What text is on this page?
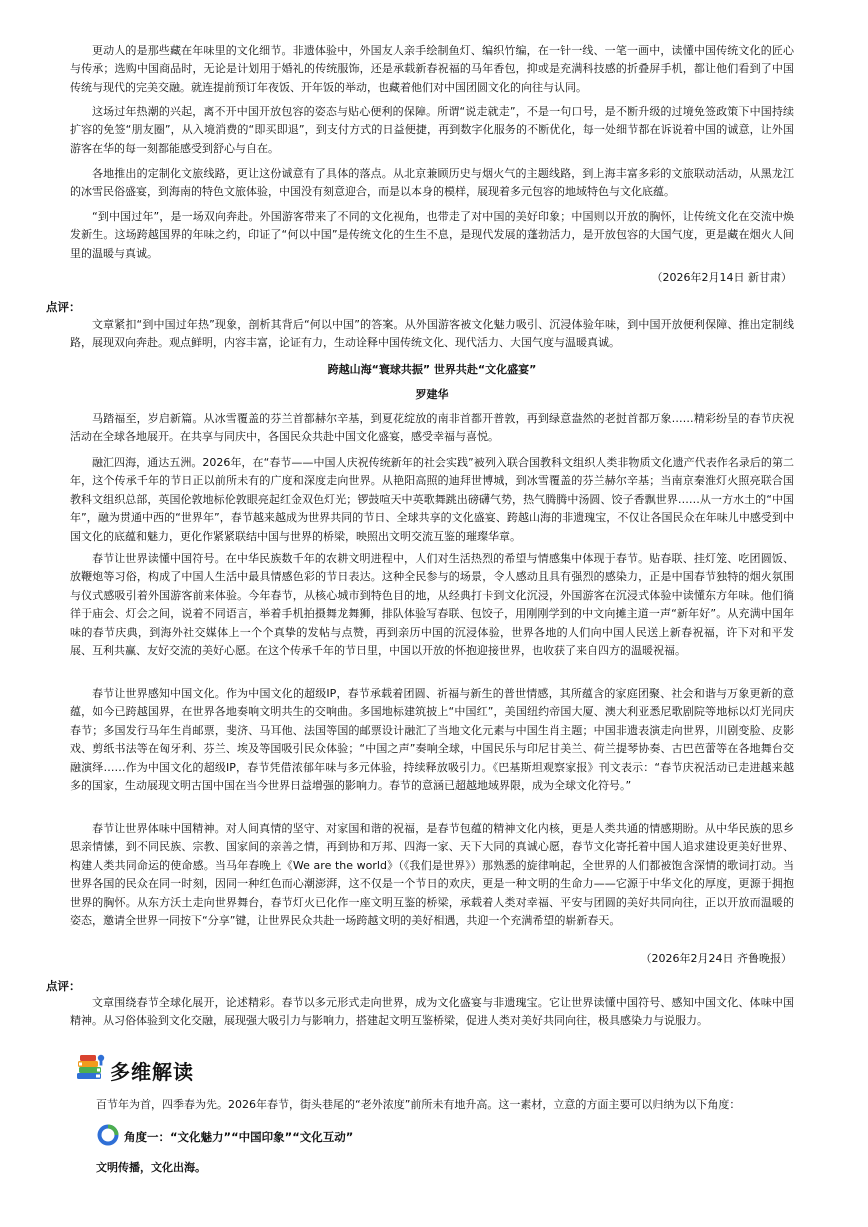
更动人的是那些藏在年味里的文化细节。非遗体验中，外国友人亲手绘制鱼灯、编织竹编，在一针一线、一笔一画中，读懂中国传统文化的匠心与传承；选购中国商品时，无论是计划用于婚礼的传统服饰，还是承载新春祝福的马年香包，抑或是充满科技感的折叠屏手机，都让他们看到了中国传统与现代的完美交融。就连提前预订年夜饭、开年饭的举动，也藏着他们对中国团圆文化的向往与认同。

这场过年热潮的兴起，离不开中国开放包容的姿态与贴心便利的保障。所谓“说走就走”，不是一句口号，是不断升级的过境免签政策下中国持续扩容的免签“朋友圈”，从入境消费的“即买即退”，到支付方式的日益便捷，再到数字化服务的不断优化，每一处细节都在诉说着中国的诚意，让外国游客在华的每一刻都能感受到舒心与自在。

各地推出的定制化文旅线路，更让这份诚意有了具体的落点。从北京兼顾历史与烟火气的主题线路，到上海丰富多彩的文旅联动活动，从黑龙江的冰雪民俗盛宴，到海南的特色文旅体验，中国没有刻意迎合，而是以本身的模样，展现着多元包容的地域特色与文化底蕴。

“到中国过年”，是一场双向奔赴。外国游客带来了不同的文化视角，也带走了对中国的美好印象；中国则以开放的胸怀，让传统文化在交流中焕发新生。这场跨越国界的年味之约，印证了“何以中国”是传统文化的生生不息，是现代发展的蓬勃活力，是开放包容的大国气度，更是藏在烟火人间里的温暖与真诚。

（2026年2月14日 新甘肃）

点评：

文章紧扣“到中国过年热”现象，剖析其背后“何以中国”的答案。从外国游客被文化魅力吸引、沉浸体验年味，到中国开放便利保障、推出定制线路，展现双向奔赴。观点鲜明，内容丰富，论证有力，生动诠释中国传统文化、现代活力、大国气度与温暖真诚。

跨越山海“寰球共振” 世界共赴“文化盛宴”

罗建华

马踏福至，岁启新篇。从冰雪覆盖的芬兰首都赫尔辛基，到夏花绽放的南非首都开普敦，再到绿意盎然的老挝首都万象……精彩纷呈的春节庆祝活动在全球各地展开。在共享与同庆中，各国民众共赴中国文化盛宴，感受幸福与喜悦。

融汇四海，通达五洲。2026年，在“春节——中国人庆祝传统新年的社会实践”被列入联合国教科文组织人类非物质文化遗产代表作名录后的第二年，这个传承千年的节日正以前所未有的广度和深度走向世界。从艳阳高照的迪拜世博城，到冰雪覆盖的芬兰赫尔辛基；当南京秦淮灯火照亮联合国教科文组织总部，英国伦敦地标伦敦眼亮起红金双色灯光；锣鼓喧天中英歌舞跳出磅礴气势，热气腾腾中汤圆、饺子香飘世界……从一方水土的“中国年”，融为贯通中西的“世界年”，春节越来越成为世界共同的节日、全球共享的文化盛宴、跨越山海的非遗瑰宝，不仅让各国民众在年味儿中感受到中国文化的底蕴和魅力，更化作紧紧联结中国与世界的桥梁，映照出文明交流互鉴的璀璨华章。

春节让世界读懂中国符号。在中华民族数千年的农耕文明进程中，人们对生活热烈的希望与情感集中体现于春节。贴春联、挂灯笼、吃团圆饭、放鞭炮等习俗，构成了中国人生活中最具情感色彩的节日表达。这种全民参与的场景，令人感动且具有强烈的感染力，正是中国春节独特的烟火氛围与仪式感吸引着外国游客前来体验。今年春节，从核心城市到特色目的地，从经典打卡到文化沉浸，外国游客在沉浸式体验中读懂东方年味。他们徜徉于庙会、灯会之间，说着不同语言，举着手机拍摄舞龙舞狮，排队体验写春联、包饺子，用刚刚学到的中文向摊主道一声“新年好”。从充满中国年味的春节庆典，到海外社交媒体上一个个真挚的发帖与点赞，再到亲历中国的沉浸体验，世界各地的人们向中国人民送上新春祝福，许下对和平发展、互利共赢、友好交流的美好心愿。在这个传承千年的节日里，中国以开放的怀抱迎接世界，也收获了来自四方的温暖祝福。

春节让世界感知中国文化。作为中国文化的超级IP，春节承载着团圆、祈福与新生的普世情感，其所蕴含的家庭团聚、社会和谐与万象更新的意蕴，如今已跨越国界，在世界各地奏响文明共生的交响曲。多国地标建筑披上“中国红”，美国纽约帝国大厦、澳大利亚悉尼歌剧院等地标以灯光同庆春节；多国发行马年生肖邮票，斐济、马耳他、法国等国的邮票设计融汇了当地文化元素与中国生肖主题；中国非遗表演走向世界，川剧变脸、皮影戏、剪纸书法等在匈牙利、芬兰、埃及等国吸引民众体验；“中国之声”奏响全球，中国民乐与印尼甘美兰、荷兰提琴协奏、古巴芭蕾等在各地舞台交融演绎……作为中国文化的超级IP，春节凭借浓郁年味与多元体验，持续释放吸引力。《巴基斯坦观察家报》刊文表示：“春节庆祝活动已走进越来越多的国家，生动展现文明古国中国在当今世界日益增强的影响力。春节的意涵已超越地域界限，成为全球文化符号。”

春节让世界体味中国精神。对人间真情的坚守、对家国和谐的祝福，是春节包蕴的精神文化内核，更是人类共通的情感期盼。从中华民族的思乡思亲情愫，到不同民族、宗教、国家间的亲善之情，再到协和万邦、四海一家、天下大同的真诚心愿，春节文化寄托着中国人追求建设更美好世界、构建人类共同命运的使命感。当马年春晚上《We are the world》（《我们是世界》）那熟悉的旋律响起，全世界的人们都被饱含深情的歌词打动。当世界各国的民众在同一时刻，因同一种红色而心潮澎湃，这不仅是一个节日的欢庆，更是一种文明的生命力——它源于中华文化的厚度，更源于拥抱世界的胸怀。从东方沃土走向世界舞台，春节灯火已化作一座文明互鉴的桥梁，承载着人类对幸福、平安与团圆的美好共同向往，正以开放而温暖的姿态，邀请全世界一同按下“分享”键，让世界民众共赴一场跨越文明的美好相遇，共迎一个充满希望的崭新春天。

（2026年2月24日 齐鲁晚报）

点评：

文章围绕春节全球化展开，论述精彩。春节以多元形式走向世界，成为文化盛宴与非遗瑰宝。它让世界读懂中国符号、感知中国文化、体味中国精神。从习俗体验到文化交融，展现强大吸引力与影响力，搭建起文明互鉴桥梁，促进人类对美好共同向往，极具感染力与说服力。

多维解读

百节年为首，四季春为先。2026年春节，街头巷尾的“老外浓度”前所未有地升高。这一素材，立意的方面主要可以归纳为以下角度：

角度一：“文化魅力”“中国印象”“文化互动”

文明传播，文化出海。
